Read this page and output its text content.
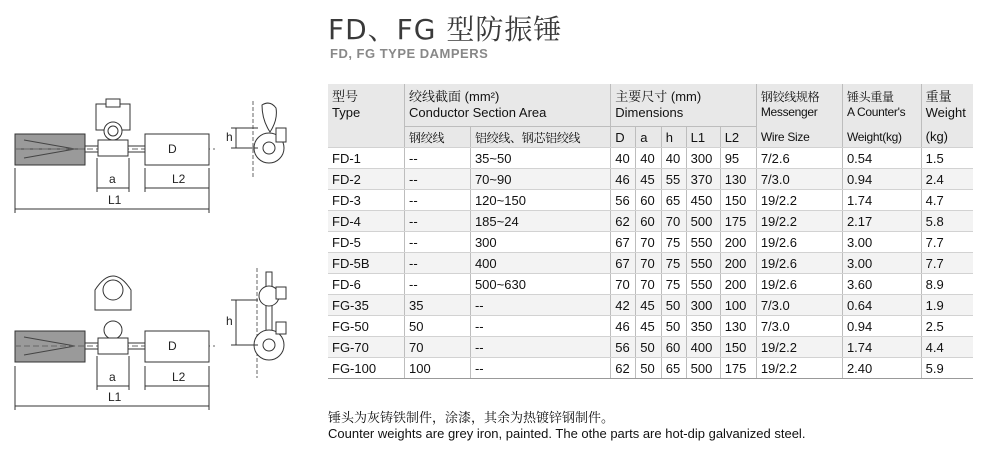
FD、FG 型防振锤
FD, FG TYPE DAMPERS
a	L2
L1
D
h
a	L2
L1
D
h
型号	绞线截面 (mm²)		主要尺寸 (mm)					钢铰线规格	锤头重量	重量
Type	Conductor Section Area		Dimensions					Messenger	A Counter's	Weight
	钢绞线	铝绞线、钢芯铝绞线	D	a	h	L1	L2	Wire Size	Weight(kg)	(kg)
FD-1	--	35~50	40	40	40	300	95	7/2.6	0.54	1.5
FD-2	--	70~90	46	45	55	370	130	7/3.0	0.94	2.4
FD-3	--	120~150	56	60	65	450	150	19/2.2	1.74	4.7
FD-4	--	185~24	62	60	70	500	175	19/2.2	2.17	5.8
FD-5	--	300	67	70	75	550	200	19/2.6	3.00	7.7
FD-5B	--	400	67	70	75	550	200	19/2.6	3.00	7.7
FD-6	--	500~630	70	70	75	550	200	19/2.6	3.60	8.9
FG-35	35	--	42	45	50	300	100	7/3.0	0.64	1.9
FG-50	50	--	46	45	50	350	130	7/3.0	0.94	2.5
FG-70	70	--	56	50	60	400	150	19/2.2	1.74	4.4
FG-100	100	--	62	50	65	500	175	19/2.2	2.40	5.9
锤头为灰铸铁制件，涂漆，其余为热镀锌钢制件。
Counter weights are grey iron, painted. The othe parts are hot-dip galvanized steel.
